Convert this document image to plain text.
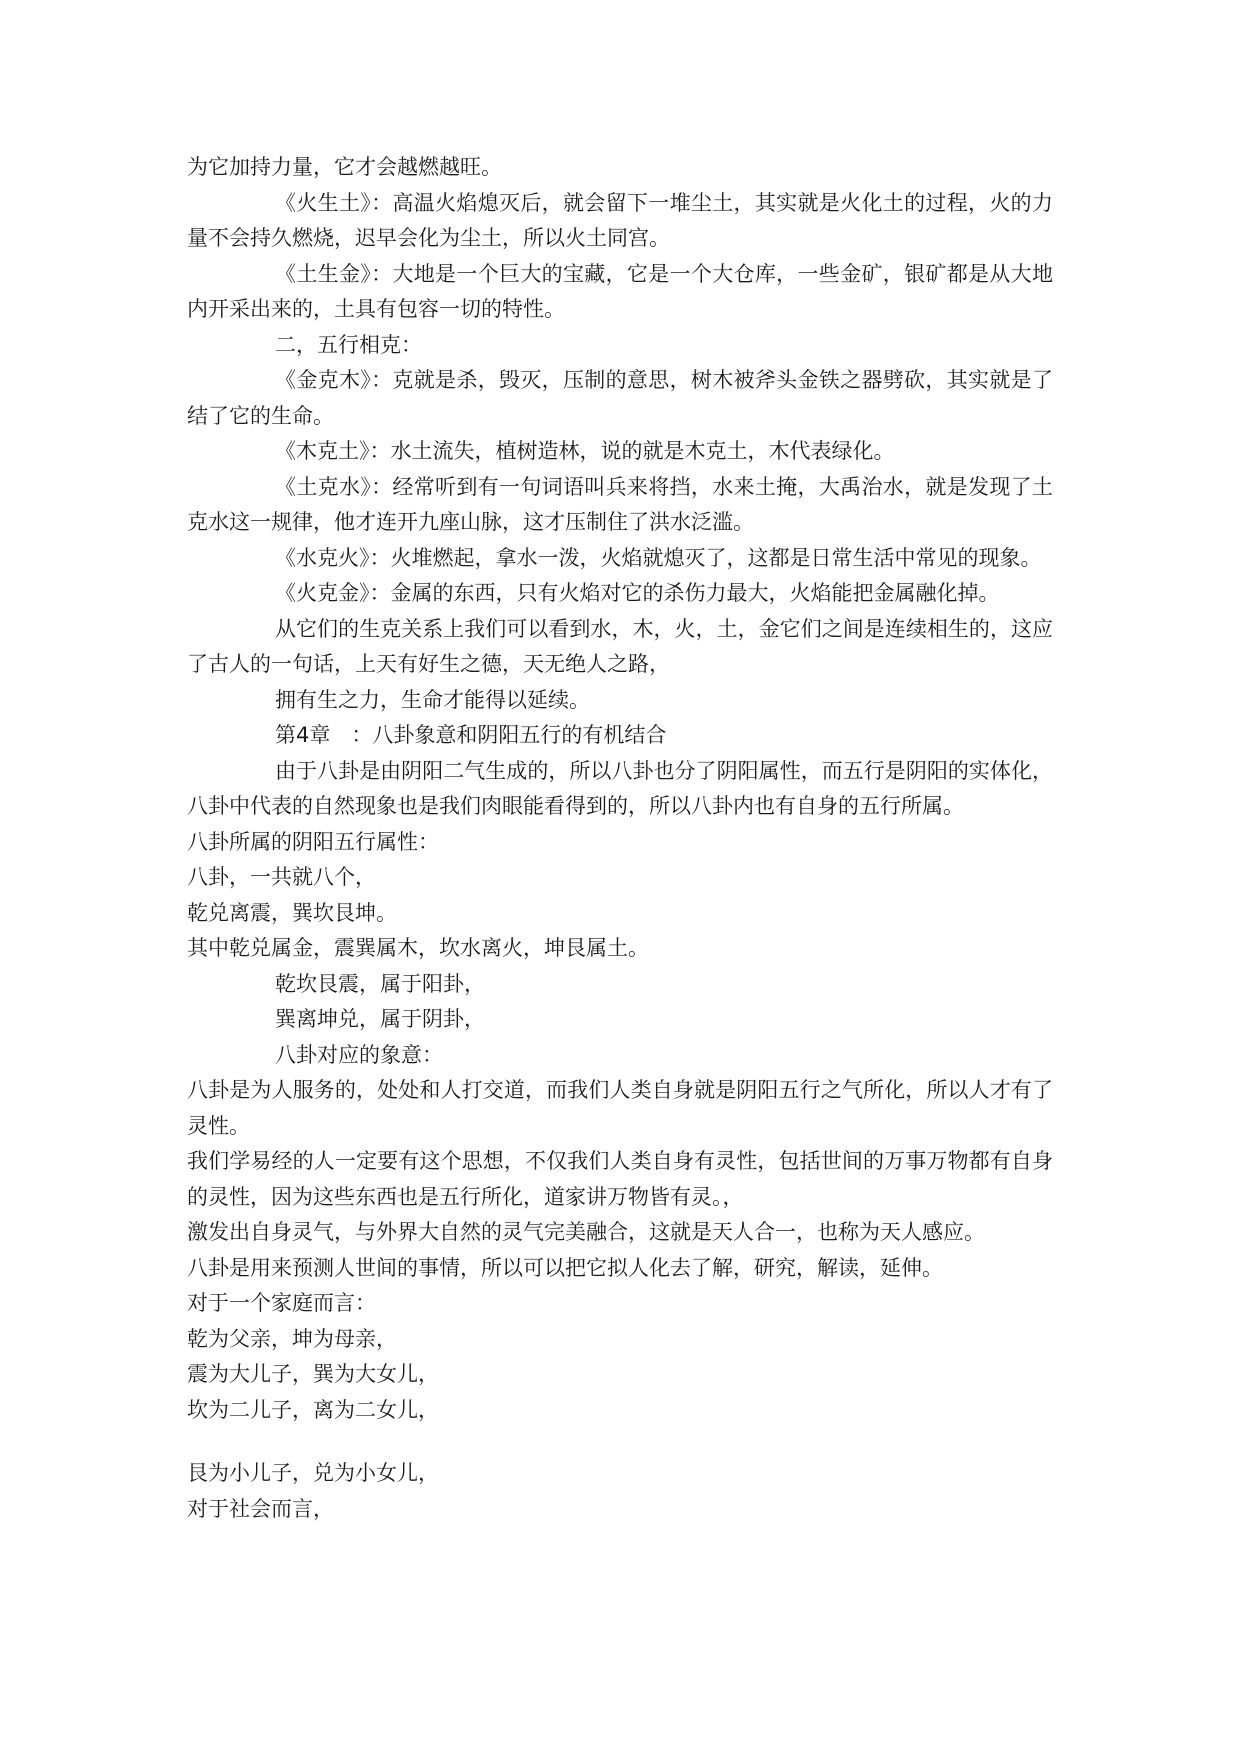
为它加持力量，它才会越燃越旺。

《火生土》：高温火焰熄灭后，就会留下一堆尘土，其实就是火化土的过程，火的力量不会持久燃烧，迟早会化为尘土，所以火土同宫。

《土生金》：大地是一个巨大的宝藏，它是一个大仓库，一些金矿，银矿都是从大地内开采出来的，土具有包容一切的特性。

二，五行相克：

《金克木》：克就是杀，毁灭，压制的意思，树木被斧头金铁之器劈砍，其实就是了结了它的生命。

《木克土》：水土流失，植树造林，说的就是木克土，木代表绿化。

《土克水》：经常听到有一句词语叫兵来将挡，水来土掩，大禹治水，就是发现了土克水这一规律，他才连开九座山脉，这才压制住了洪水泛滥。

《水克火》：火堆燃起，拿水一泼，火焰就熄灭了，这都是日常生活中常见的现象。

《火克金》：金属的东西，只有火焰对它的杀伤力最大，火焰能把金属融化掉。

从它们的生克关系上我们可以看到水，木，火，土，金它们之间是连续相生的，这应了古人的一句话，上天有好生之德，天无绝人之路，

拥有生之力，生命才能得以延续。

第4章　：八卦象意和阴阳五行的有机结合

由于八卦是由阴阳二气生成的，所以八卦也分了阴阳属性，而五行是阴阳的实体化，八卦中代表的自然现象也是我们肉眼能看得到的，所以八卦内也有自身的五行所属。

八卦所属的阴阳五行属性：

八卦，一共就八个，

乾兑离震，巽坎艮坤。

其中乾兑属金，震巽属木，坎水离火，坤艮属土。

乾坎艮震，属于阳卦，

巽离坤兑，属于阴卦，

八卦对应的象意：

八卦是为人服务的，处处和人打交道，而我们人类自身就是阴阳五行之气所化，所以人才有了灵性。

我们学易经的人一定要有这个思想，不仅我们人类自身有灵性，包括世间的万事万物都有自身的灵性，因为这些东西也是五行所化，道家讲万物皆有灵。，

激发出自身灵气，与外界大自然的灵气完美融合，这就是天人合一，也称为天人感应。

八卦是用来预测人世间的事情，所以可以把它拟人化去了解，研究，解读，延伸。

对于一个家庭而言：

乾为父亲，坤为母亲，

震为大儿子，巽为大女儿，

坎为二儿子，离为二女儿，

艮为小儿子，兑为小女儿，

对于社会而言，
